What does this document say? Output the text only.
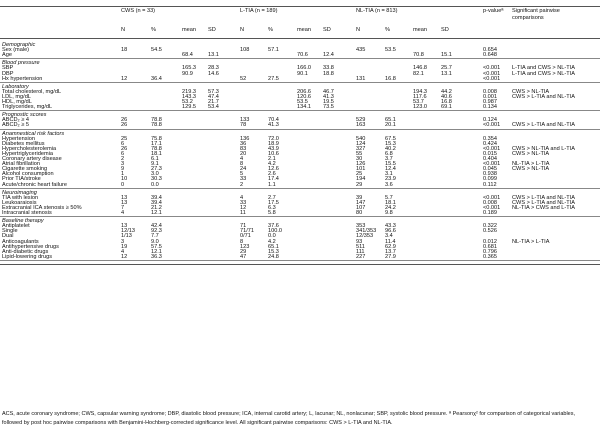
CWS (n = 33)	L-TIA (n = 189)	NL-TIA (n = 813)	p-valueª Significant pairwise comparisons
N	%	mean SD	N	%	mean SD	N	%	mean	SD
Demographic
Sex (male)	18	54.5	108	57.1	435	53.5	0.654
Age	68.4	13.1	70.6	12.4	70.8	15.1	0.648
Blood pressure
SBP	165.3 28.3	166.0 33.8	146.8	25.7	<0.001 L-TIA and CWS > NL-TIA
DBP	90.9	14.6	90.1	18.8	82.1	13.1	<0.001 L-TIA and CWS > NL-TIA
Hx hypertension	12	36.4	52	27.5	131	16.8	<0.001
Laboratory
Total cholesterol, mg/dL	219.3 57.3	206.6 46.7	194.3	44.2	0.008	CWS > NL-TIA
LDL, mg/dL	143.3 47.4	120.6 41.3	117.6	40.6	0.001	CWS > L-TIA and NL-TIA
HDL, mg/dL	53.2	21.7	53.5	19.5	53.7	16.8	0.987
Triglycerides, mg/dL	129.5 53.4	134.1 73.5	123.0	69.1	0.134
Prognostic scores
ABCD₂ ≥ 4	26	78.8	133	70.4	529	65.1	0.124
ABCD₂ ≥ 5	26	78.8	78	41.3	163	20.1	<0.001 CWS > L-TIA and NL-TIA
Anamnestical risk factors
Hypertension	25	75.8	136	72.0	540	67.5	0.354
Diabetes mellitus	6	17.1	36	18.9	124	15.3	0.424
Hypercholesterolemia	26	78.8	83	43.9	327	40.2	<0.001 CWS > NL-TIA and L-TIA
Hypertriglyceridemia	6	18.1	20	10.6	55	6.8	0.015	CWS > NL-TIA
Coronary artery disease	2	6.1	4	2.1	30	3.7	0.404
Atrial fibrillation	3	9.1	8	4.2	126	15.5	<0.001 NL-TIA > L-TIA
Cigarette smoking	9	27.3	24	12.6	101	12.4	0.045	CWS > NL-TIA
Alcohol consumption	1	3.0	5	2.6	25	3.1	0.938
Prior TIA/stroke	10	30.3	33	17.4	194	23.9	0.099
Acute/chronic heart failure	0	0.0	2	1.1	29	3.6	0.112
Neuroimaging
TIA with lesion	13	39.4	4	2.7	39	5.7	<0.001 CWS > L-TIA and NL-TIA
Leukoaraiosis	13	39.4	33	17.5	147	18.1	0.008	CWS > L-TIA and NL-TIA
Extracranial ICA stenosis ≥ 50%	7	21.2	12	6.3	107	24.2	<0.001 NL-TIA > CWS and L-TIA
Intracranial stenosis	4	12.1	11	5.8	80	9.8	0.189
Baseline therapy
Antiplatelet	13	42.4	71	37.6	353	43.3	0.322
Single	12/13	92.3	71/71	100.0	341/353 96.6	0.526
Dual	1/13	7.7	0/71	0.0	12/353 3.4
Anticoagulants	3	9.0	8	4.2	93	11.4	0.012	NL-TIA > L-TIA
Antihypertensive drugs	19	57.5	123	65.1	511	62.9	0.681
Anti-diabetic drugs	4	12.1	29	15.3	111	13.7	0.796
Lipid-lowering drugs	12	36.3	47	24.8	227	27.9	0.365
ACS, acute coronary syndrome; CWS, capsular warning syndrome; DBP, diastolic blood pressure; ICA, internal carotid artery; L, lacunar; NL, nonlacunar; SBP, systolic blood pressure. ª Pearsonχ² for comparison of categorical variables, followed by post hoc pairwise comparisons with Benjamini-Hochberg-corrected significance level. All significant pairwise comparisons: CWS > L-TIA and NL-TIA.
